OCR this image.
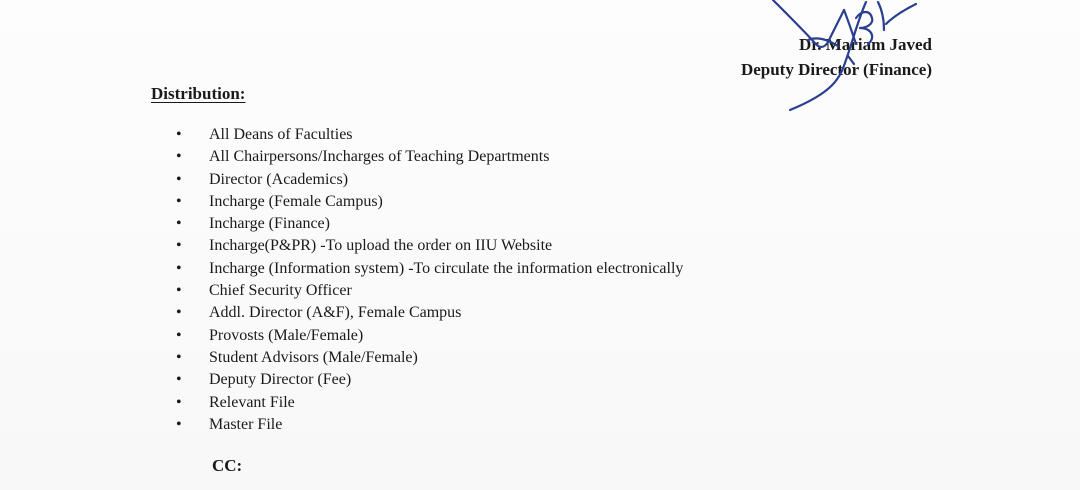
Dr. Mariam Javed
Deputy Director (Finance)
Distribution:
• All Deans of Faculties
• All Chairpersons/Incharges of Teaching Departments
• Director (Academics)
• Incharge (Female Campus)
• Incharge (Finance)
• Incharge(P&PR) -To upload the order on IIU Website
• Incharge (Information system) -To circulate the information electronically
• Chief Security Officer
• Addl. Director (A&F), Female Campus
• Provosts (Male/Female)
• Student Advisors (Male/Female)
• Deputy Director (Fee)
• Relevant File
• Master File
CC:
